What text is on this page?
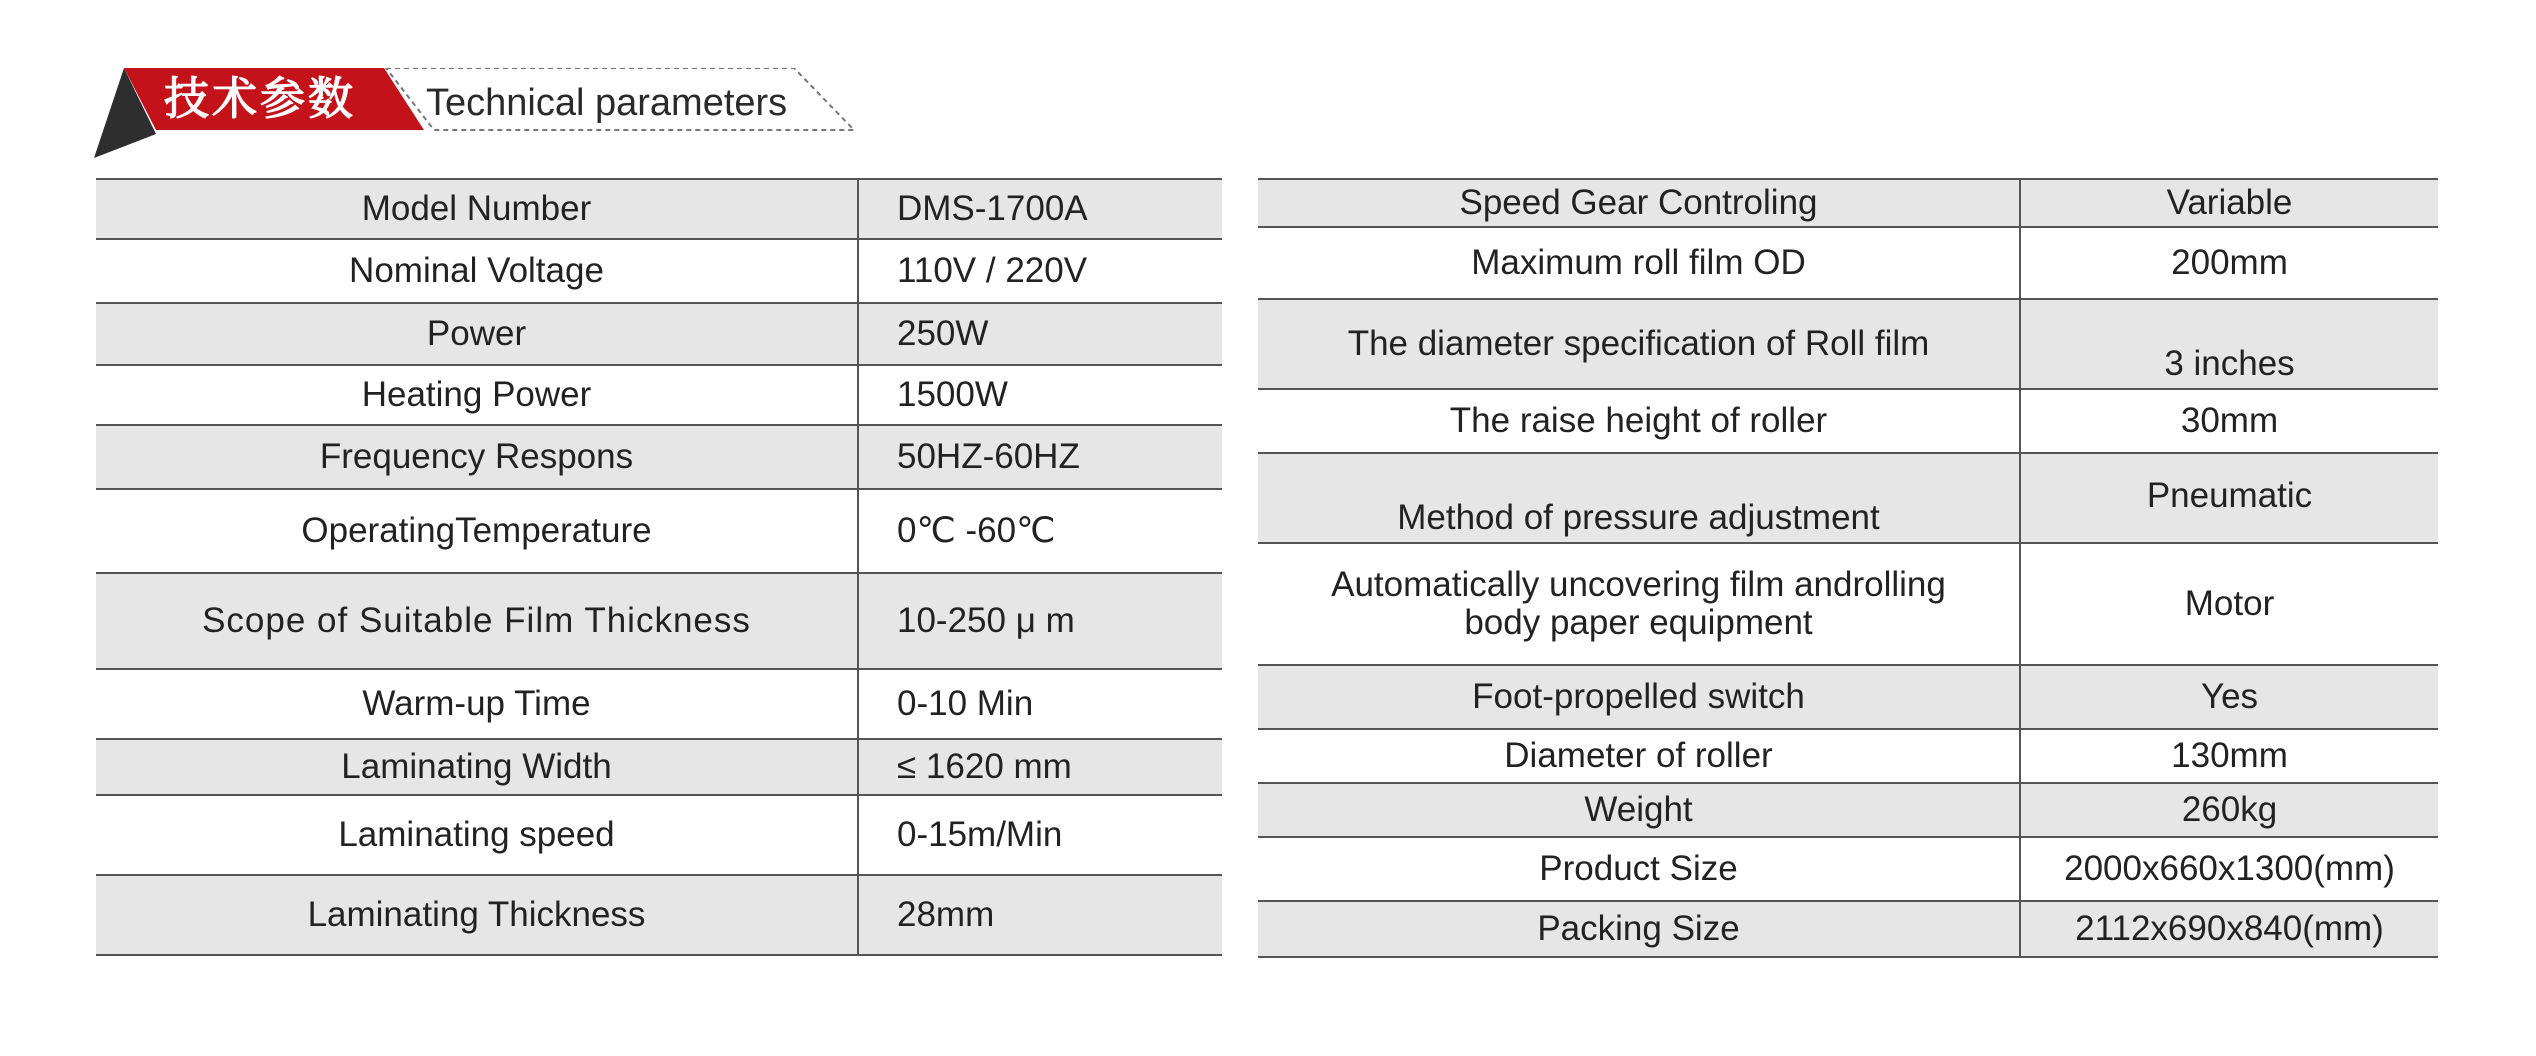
技术参数 Technical parameters
Model Number	DMS-1700A
Nominal Voltage	110V / 220V
Power	250W
Heating Power	1500W
Frequency Respons	50HZ-60HZ
OperatingTemperature	0℃ -60℃
Scope of Suitable Film Thickness	10-250 μ m
Warm-up Time	0-10 Min
Laminating Width	≤ 1620 mm
Laminating speed	0-15m/Min
Laminating Thickness	28mm
Speed Gear Controling	Variable
Maximum roll film OD	200mm
The diameter specification of Roll film	3 inches
The raise height of roller	30mm
Method of pressure adjustment	Pneumatic

Automatically uncovering film androlling body paper equipment	Motor
Foot-propelled switch	Yes
Diameter of roller	130mm
Weight	260kg
Product Size	2000x660x1300(mm)
Packing Size	2112x690x840(mm)
